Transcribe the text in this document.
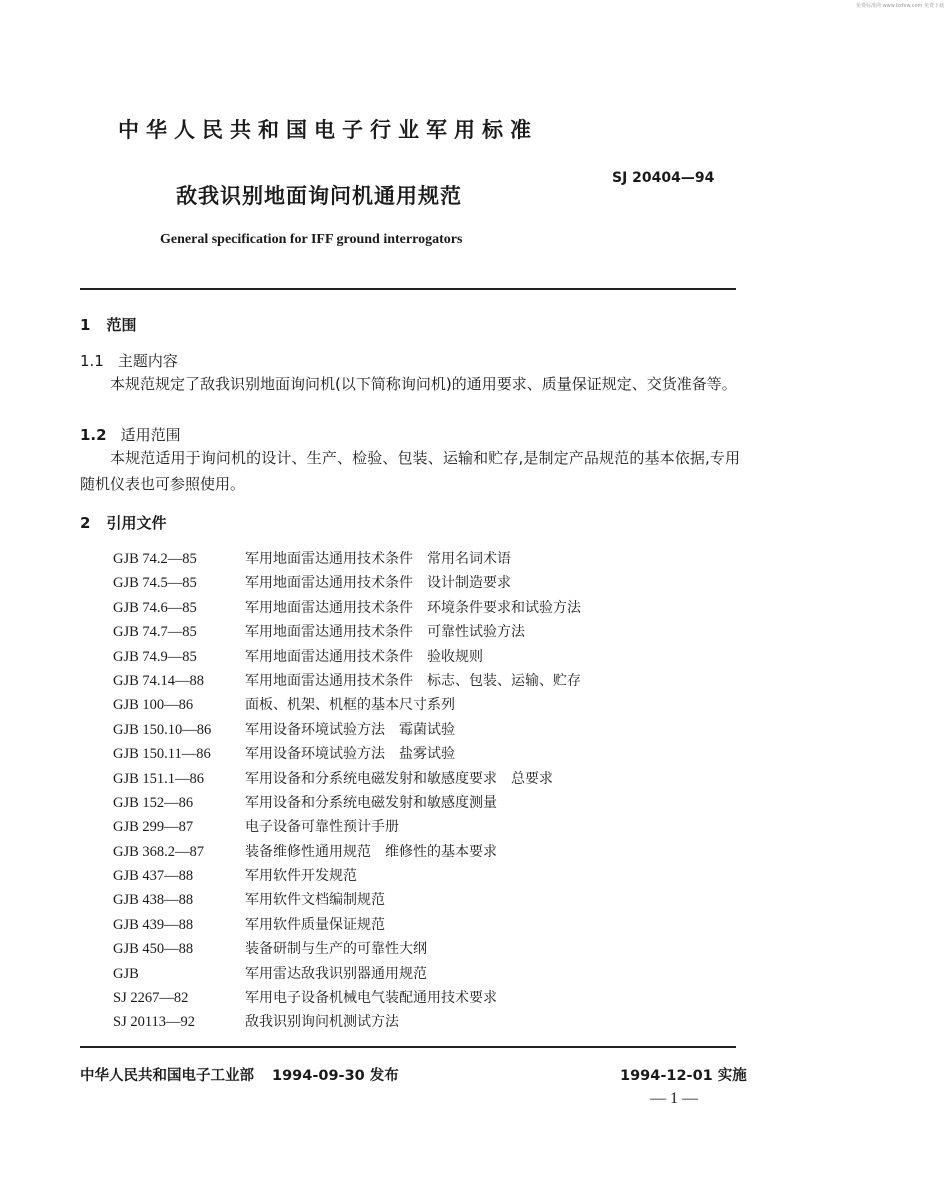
免费标准网 www.bzfxw.com 免费下载
中华人民共和国电子行业军用标准
敌我识别地面询问机通用规范
SJ 20404—94
General specification for IFF ground interrogators
1 范围
1.1 主题内容
本规范规定了敌我识别地面询问机(以下简称询问机)的通用要求、质量保证规定、交货准备等。
1.2 适用范围
本规范适用于询问机的设计、生产、检验、包装、运输和贮存,是制定产品规范的基本依据,专用随机仪表也可参照使用。
2 引用文件
GJB 74.2—85	军用地面雷达通用技术条件　常用名词术语
GJB 74.5—85	军用地面雷达通用技术条件　设计制造要求
GJB 74.6—85	军用地面雷达通用技术条件　环境条件要求和试验方法
GJB 74.7—85	军用地面雷达通用技术条件　可靠性试验方法
GJB 74.9—85	军用地面雷达通用技术条件　验收规则
GJB 74.14—88	军用地面雷达通用技术条件　标志、包装、运输、贮存
GJB 100—86	面板、机架、机框的基本尺寸系列
GJB 150.10—86 军用设备环境试验方法　霉菌试验
GJB 150.11—86 军用设备环境试验方法　盐雾试验
GJB 151.1—86	军用设备和分系统电磁发射和敏感度要求　总要求
GJB 152—86	军用设备和分系统电磁发射和敏感度测量
GJB 299—87	电子设备可靠性预计手册
GJB 368.2—87	装备维修性通用规范　维修性的基本要求
GJB 437—88	军用软件开发规范
GJB 438—88	军用软件文档编制规范
GJB 439—88	军用软件质量保证规范
GJB 450—88	装备研制与生产的可靠性大纲
GJB	军用雷达敌我识别器通用规范
SJ 2267—82	军用电子设备机械电气装配通用技术要求
SJ 20113—92	敌我识别询问机测试方法
中华人民共和国电子工业部 1994-09-30 发布	1994-12-01 实施
— 1 —
